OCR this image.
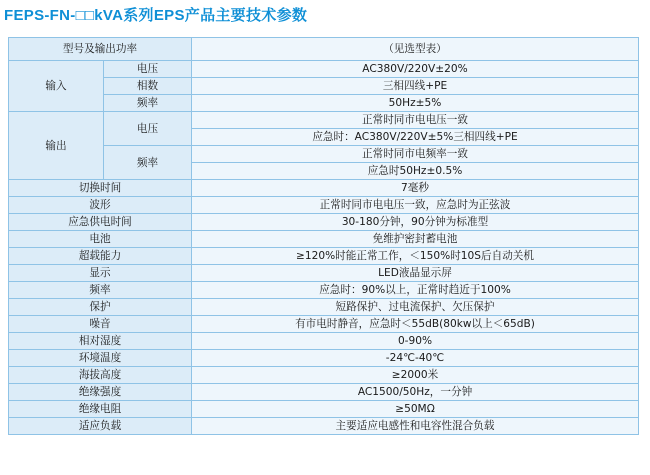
FEPS-FN-□□kVA系列EPS产品主要技术参数
型号及输出功率		（见选型表）
输入	电压	AC380V/220V±20%
	相数	三相四线+PE
	频率	50Hz±5%
输出	电压	正常时同市电电压一致
		应急时：AC380V/220V±5%三相四线+PE
	频率	正常时同市电频率一致
		应急时50Hz±0.5%
切换时间		7毫秒
波形		正常时同市电电压一致，应急时为正弦波
应急供电时间		30-180分钟，90分钟为标准型
电池		免维护密封蓄电池
超载能力		≥120%时能正常工作，＜150%时10S后自动关机
显示		LED液晶显示屏
频率		应急时：90%以上，正常时趋近于100%
保护		短路保护、过电流保护、欠压保护
噪音		有市电时静音，应急时＜55dB(80kw以上＜65dB)
相对湿度		0-90%
环境温度		-24℃-40℃
海拔高度		≥2000米
绝缘强度		AC1500/50Hz，一分钟
绝缘电阻		≥50MΩ
适应负载		主要适应电感性和电容性混合负载
